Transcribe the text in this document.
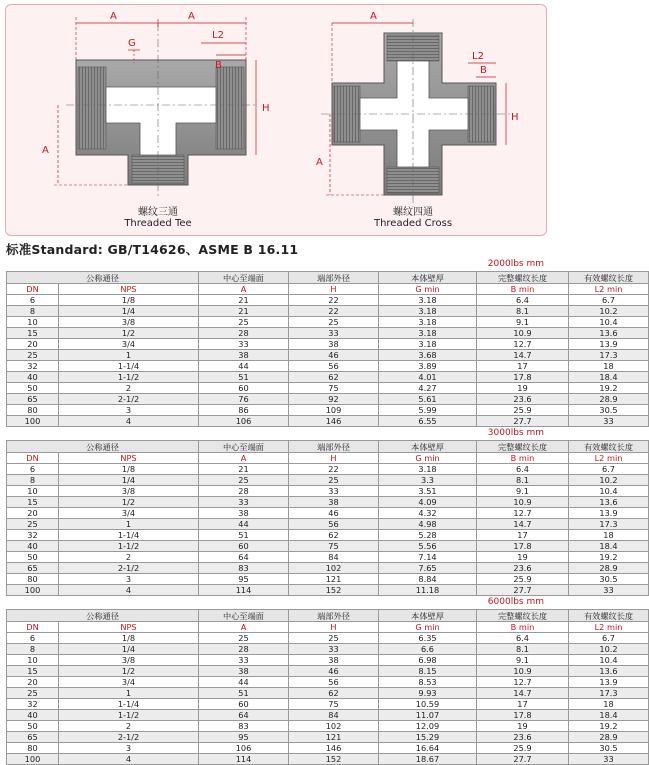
A	A
G
L2
B
H
A
A
L2
B
H
A
螺纹三通
Threaded Tee
螺纹四通
Threaded Cross
标准Standard: GB/T14626、ASME B 16.11
2000lbs mm
公称通径		中心至端面	端部外径	本体壁厚	完整螺纹长度	有效螺纹长度
DN	NPS	A	H	G min	B min	L2 min
6	1/8	21	22	3.18	6.4	6.7
8	1/4	21	22	3.18	8.1	10.2
10	3/8	25	25	3.18	9.1	10.4
15	1/2	28	33	3.18	10.9	13.6
20	3/4	33	38	3.18	12.7	13.9
25	1	38	46	3.68	14.7	17.3
32	1-1/4	44	56	3.89	17	18
40	1-1/2	51	62	4.01	17.8	18.4
50	2	60	75	4.27	19	19.2
65	2-1/2	76	92	5.61	23.6	28.9
80	3	86	109	5.99	25.9	30.5
100	4	106	146	6.55	27.7	33
3000lbs mm
公称通径		中心至端面	端部外径	本体壁厚	完整螺纹长度	有效螺纹长度
DN	NPS	A	H	G min	B min	L2 min
6	1/8	21	22	3.18	6.4	6.7
8	1/4	25	25	3.3	8.1	10.2
10	3/8	28	33	3.51	9.1	10.4
15	1/2	33	38	4.09	10.9	13.6
20	3/4	38	46	4.32	12.7	13.9
25	1	44	56	4.98	14.7	17.3
32	1-1/4	51	62	5.28	17	18
40	1-1/2	60	75	5.56	17.8	18.4
50	2	64	84	7.14	19	19.2
65	2-1/2	83	102	7.65	23.6	28.9
80	3	95	121	8.84	25.9	30.5
100	4	114	152	11.18	27.7	33
6000lbs mm
公称通径		中心至端面	端部外径	本体壁厚	完整螺纹长度	有效螺纹长度
DN	NPS	A	H	G min	B min	L2 min
6	1/8	25	25	6.35	6.4	6.7
8	1/4	28	33	6.6	8.1	10.2
10	3/8	33	38	6.98	9.1	10.4
15	1/2	38	46	8.15	10.9	13.6
20	3/4	44	56	8.53	12.7	13.9
25	1	51	62	9.93	14.7	17.3
32	1-1/4	60	75	10.59	17	18
40	1-1/2	64	84	11.07	17.8	18.4
50	2	83	102	12.09	19	19.2
65	2-1/2	95	121	15.29	23.6	28.9
80	3	106	146	16.64	25.9	30.5
100	4	114	152	18.67	27.7	33
